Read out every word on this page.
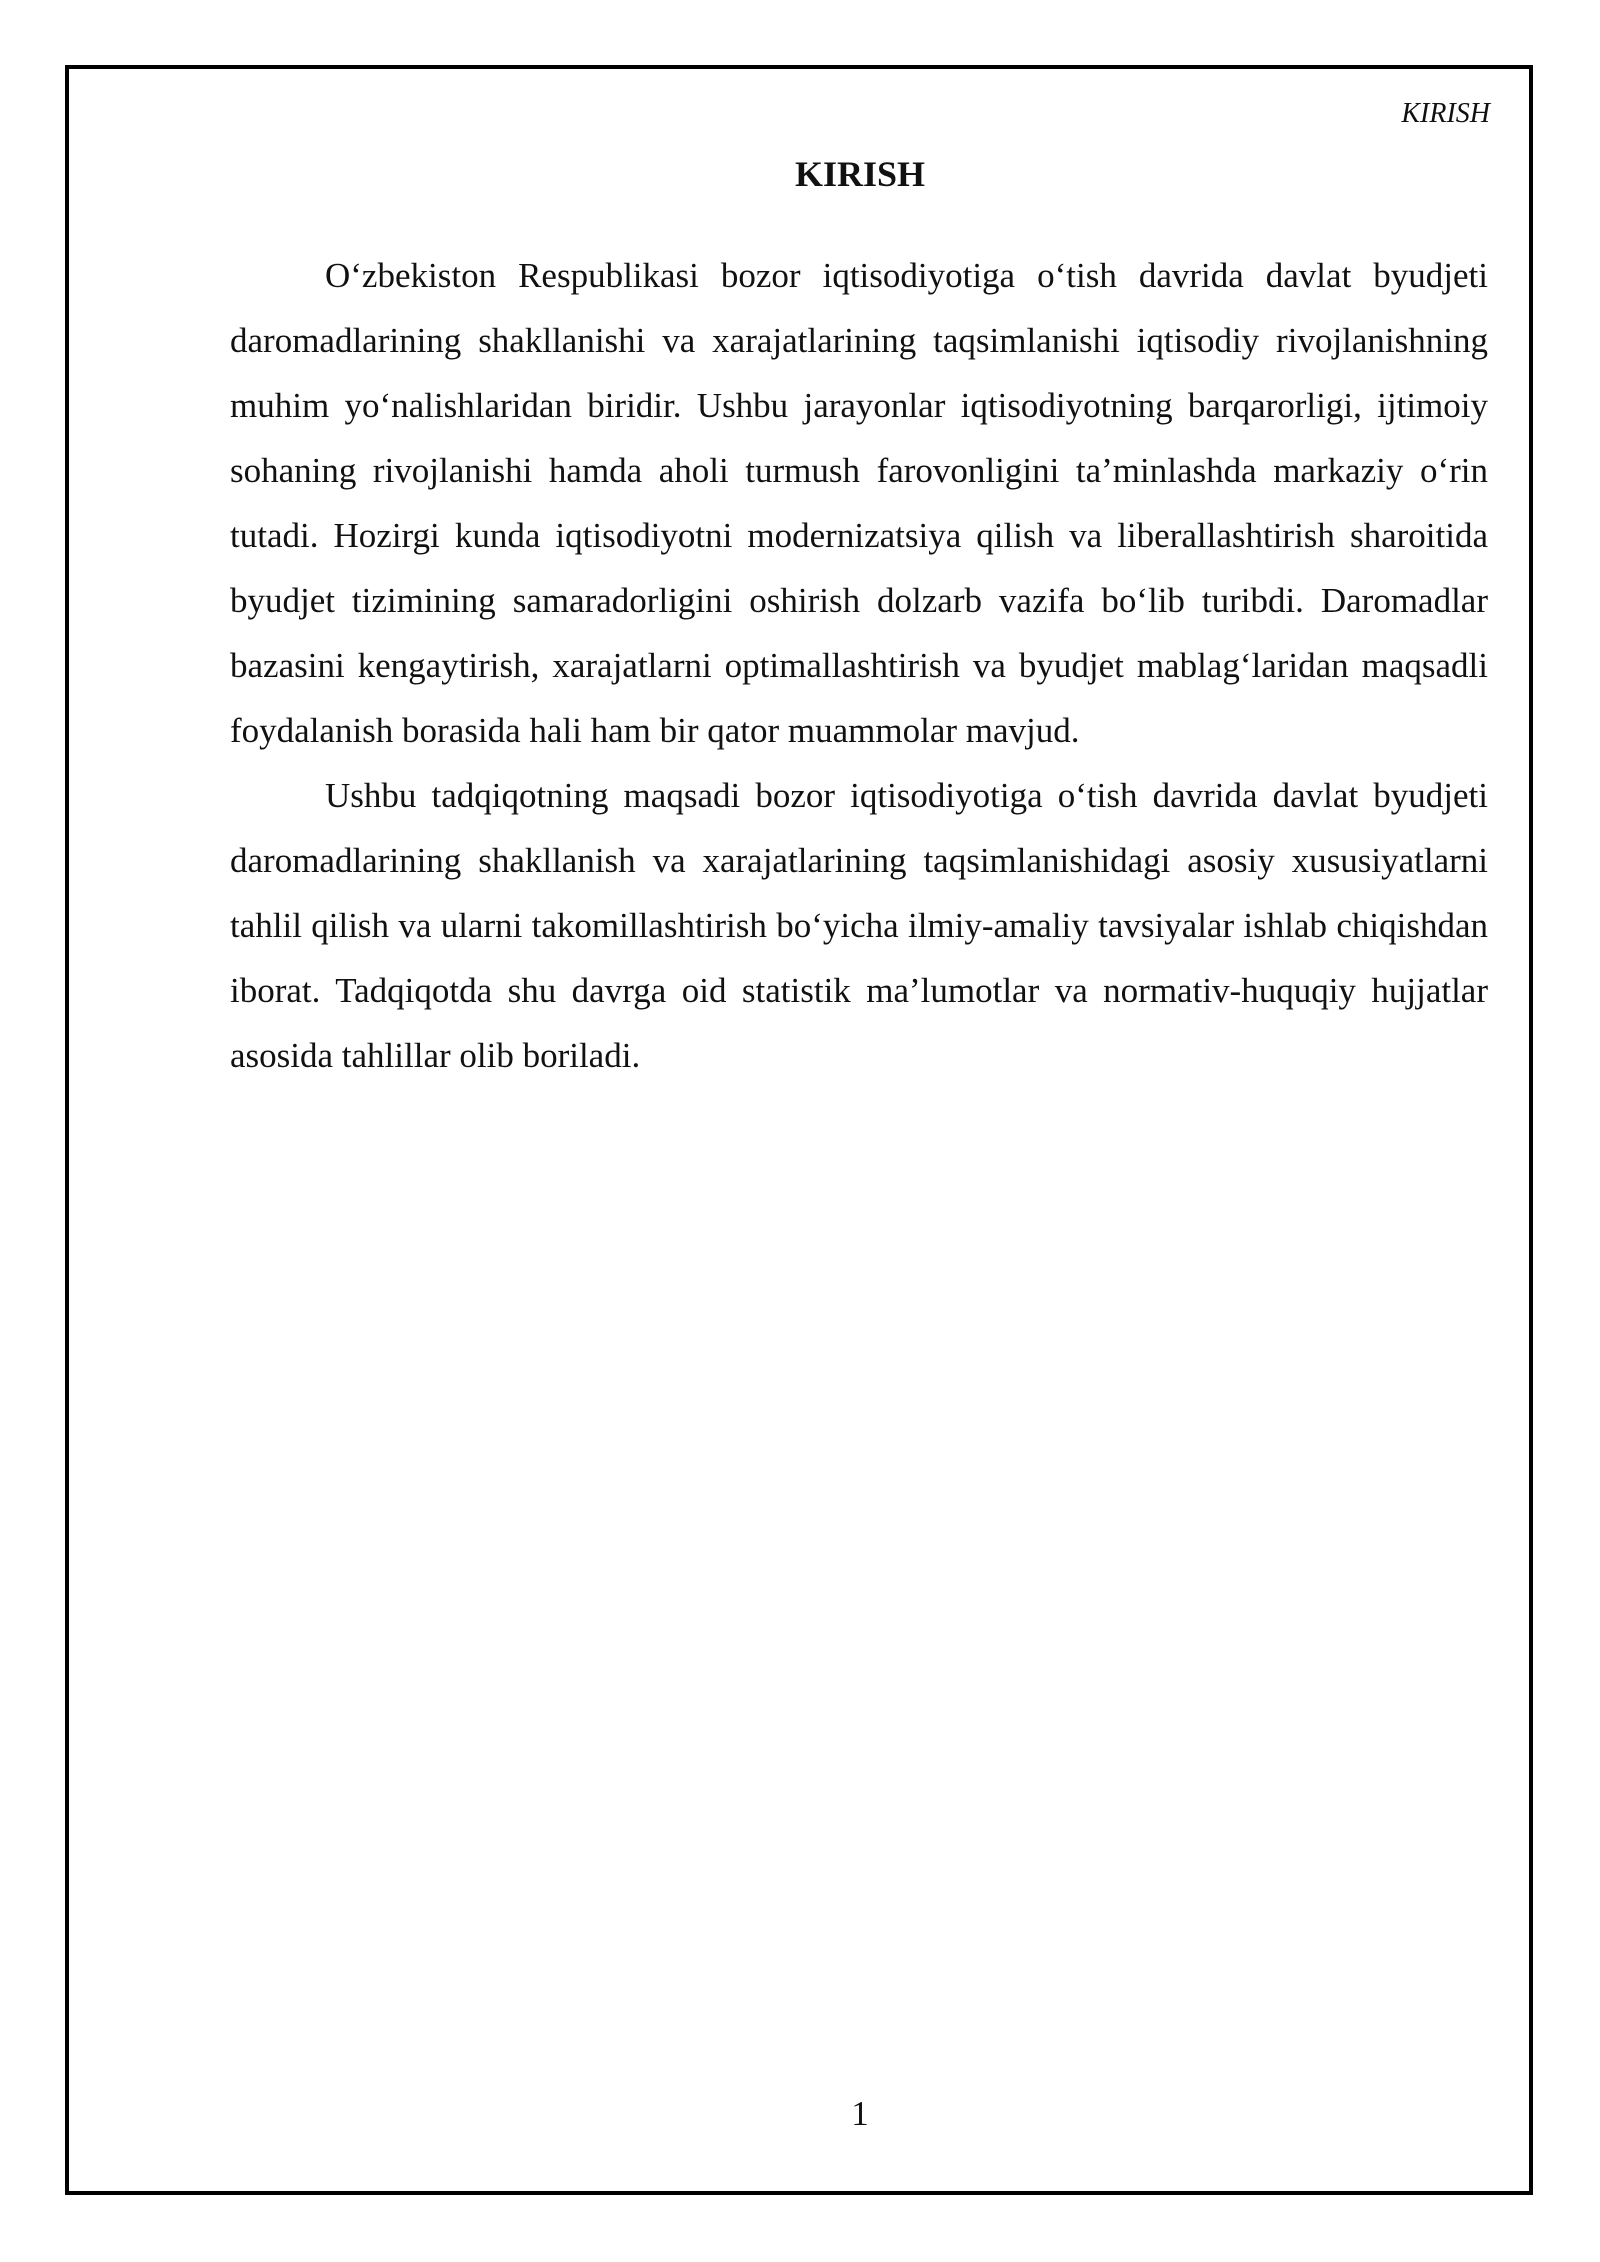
KIRISH
KIRISH

O‘zbekiston Respublikasi bozor iqtisodiyotiga o‘tish davrida davlat byudjeti daromadlarining shakllanishi va xarajatlarining taqsimlanishi iqtisodiy rivojlanishning muhim yo‘nalishlaridan biridir. Ushbu jarayonlar iqtisodiyotning barqarorligi, ijtimoiy sohaning rivojlanishi hamda aholi turmush farovonligini ta’minlashda markaziy o‘rin tutadi. Hozirgi kunda iqtisodiyotni modernizatsiya qilish va liberallashtirish sharoitida byudjet tizimining samaradorligini oshirish dolzarb vazifa bo‘lib turibdi. Daromadlar bazasini kengaytirish, xarajatlarni optimallashtirish va byudjet mablag‘laridan maqsadli foydalanish borasida hali ham bir qator muammolar mavjud.

Ushbu tadqiqotning maqsadi bozor iqtisodiyotiga o‘tish davrida davlat byudjeti daromadlarining shakllanish va xarajatlarining taqsimlanishidagi asosiy xususiyatlarni tahlil qilish va ularni takomillashtirish bo‘yicha ilmiy-amaliy tavsiyalar ishlab chiqishdan iborat. Tadqiqotda shu davrga oid statistik ma’lumotlar va normativ-huquqiy hujjatlar asosida tahlillar olib boriladi.

1
